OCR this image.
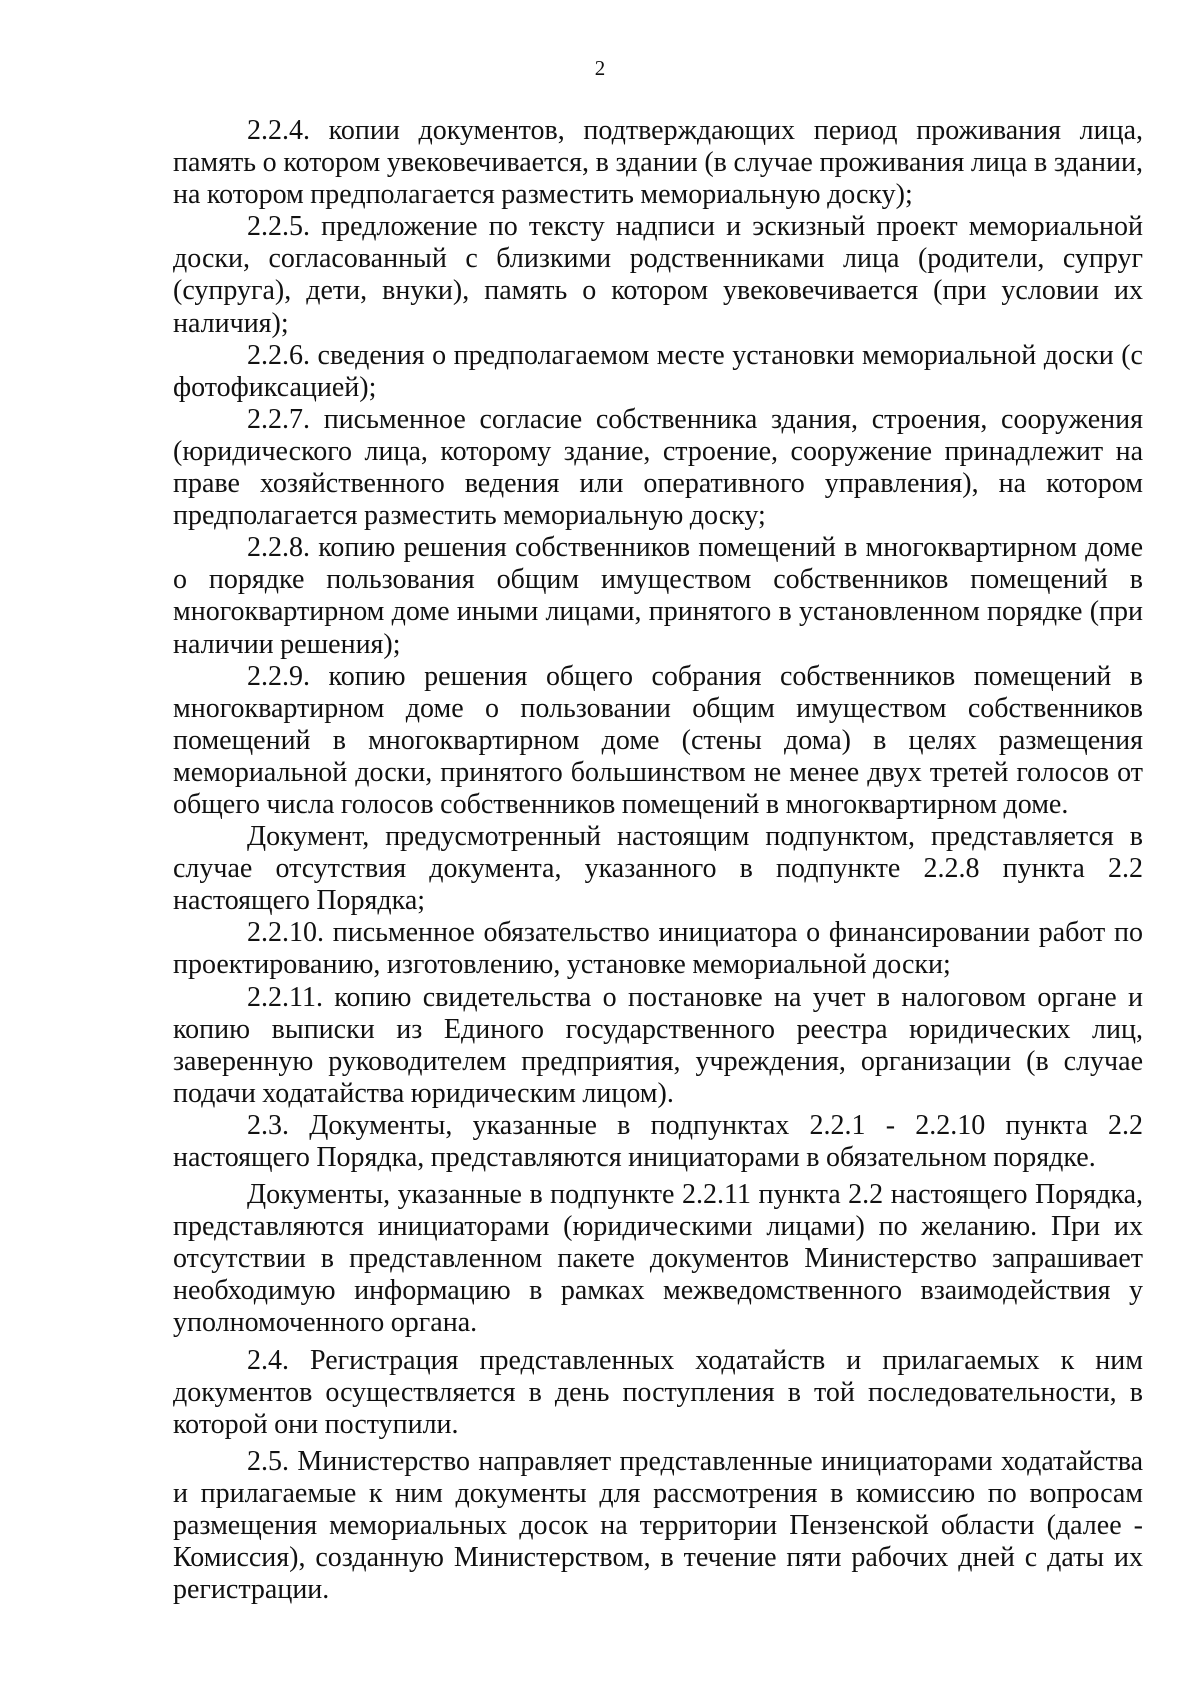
2

2.2.4. копии документов, подтверждающих период проживания лица, память о котором увековечивается, в здании (в случае проживания лица в здании, на котором предполагается разместить мемориальную доску);

2.2.5. предложение по тексту надписи и эскизный проект мемориальной доски, согласованный с близкими родственниками лица (родители, супруг (супруга), дети, внуки), память о котором увековечивается (при условии их наличия);

2.2.6. сведения о предполагаемом месте установки мемориальной доски (с фотофиксацией);

2.2.7. письменное согласие собственника здания, строения, сооружения (юридического лица, которому здание, строение, сооружение принадлежит на праве хозяйственного ведения или оперативного управления), на котором предполагается разместить мемориальную доску;

2.2.8. копию решения собственников помещений в многоквартирном доме о порядке пользования общим имуществом собственников помещений в многоквартирном доме иными лицами, принятого в установленном порядке (при наличии решения);

2.2.9. копию решения общего собрания собственников помещений в многоквартирном доме о пользовании общим имуществом собственников помещений в многоквартирном доме (стены дома) в целях размещения мемориальной доски, принятого большинством не менее двух третей голосов от общего числа голосов собственников помещений в многоквартирном доме.

Документ, предусмотренный настоящим подпунктом, представляется в случае отсутствия документа, указанного в подпункте 2.2.8 пункта 2.2 настоящего Порядка;

2.2.10. письменное обязательство инициатора о финансировании работ по проектированию, изготовлению, установке мемориальной доски;

2.2.11. копию свидетельства о постановке на учет в налоговом органе и копию выписки из Единого государственного реестра юридических лиц, заверенную руководителем предприятия, учреждения, организации (в случае подачи ходатайства юридическим лицом).

2.3. Документы, указанные в подпунктах 2.2.1 - 2.2.10 пункта 2.2 настоящего Порядка, представляются инициаторами в обязательном порядке.

Документы, указанные в подпункте 2.2.11 пункта 2.2 настоящего Порядка, представляются инициаторами (юридическими лицами) по желанию. При их отсутствии в представленном пакете документов Министерство запрашивает необходимую информацию в рамках межведомственного взаимодействия у уполномоченного органа.

2.4. Регистрация представленных ходатайств и прилагаемых к ним документов осуществляется в день поступления в той последовательности, в которой они поступили.

2.5. Министерство направляет представленные инициаторами ходатайства и прилагаемые к ним документы для рассмотрения в комиссию по вопросам размещения мемориальных досок на территории Пензенской области (далее - Комиссия), созданную Министерством, в течение пяти рабочих дней с даты их регистрации.
